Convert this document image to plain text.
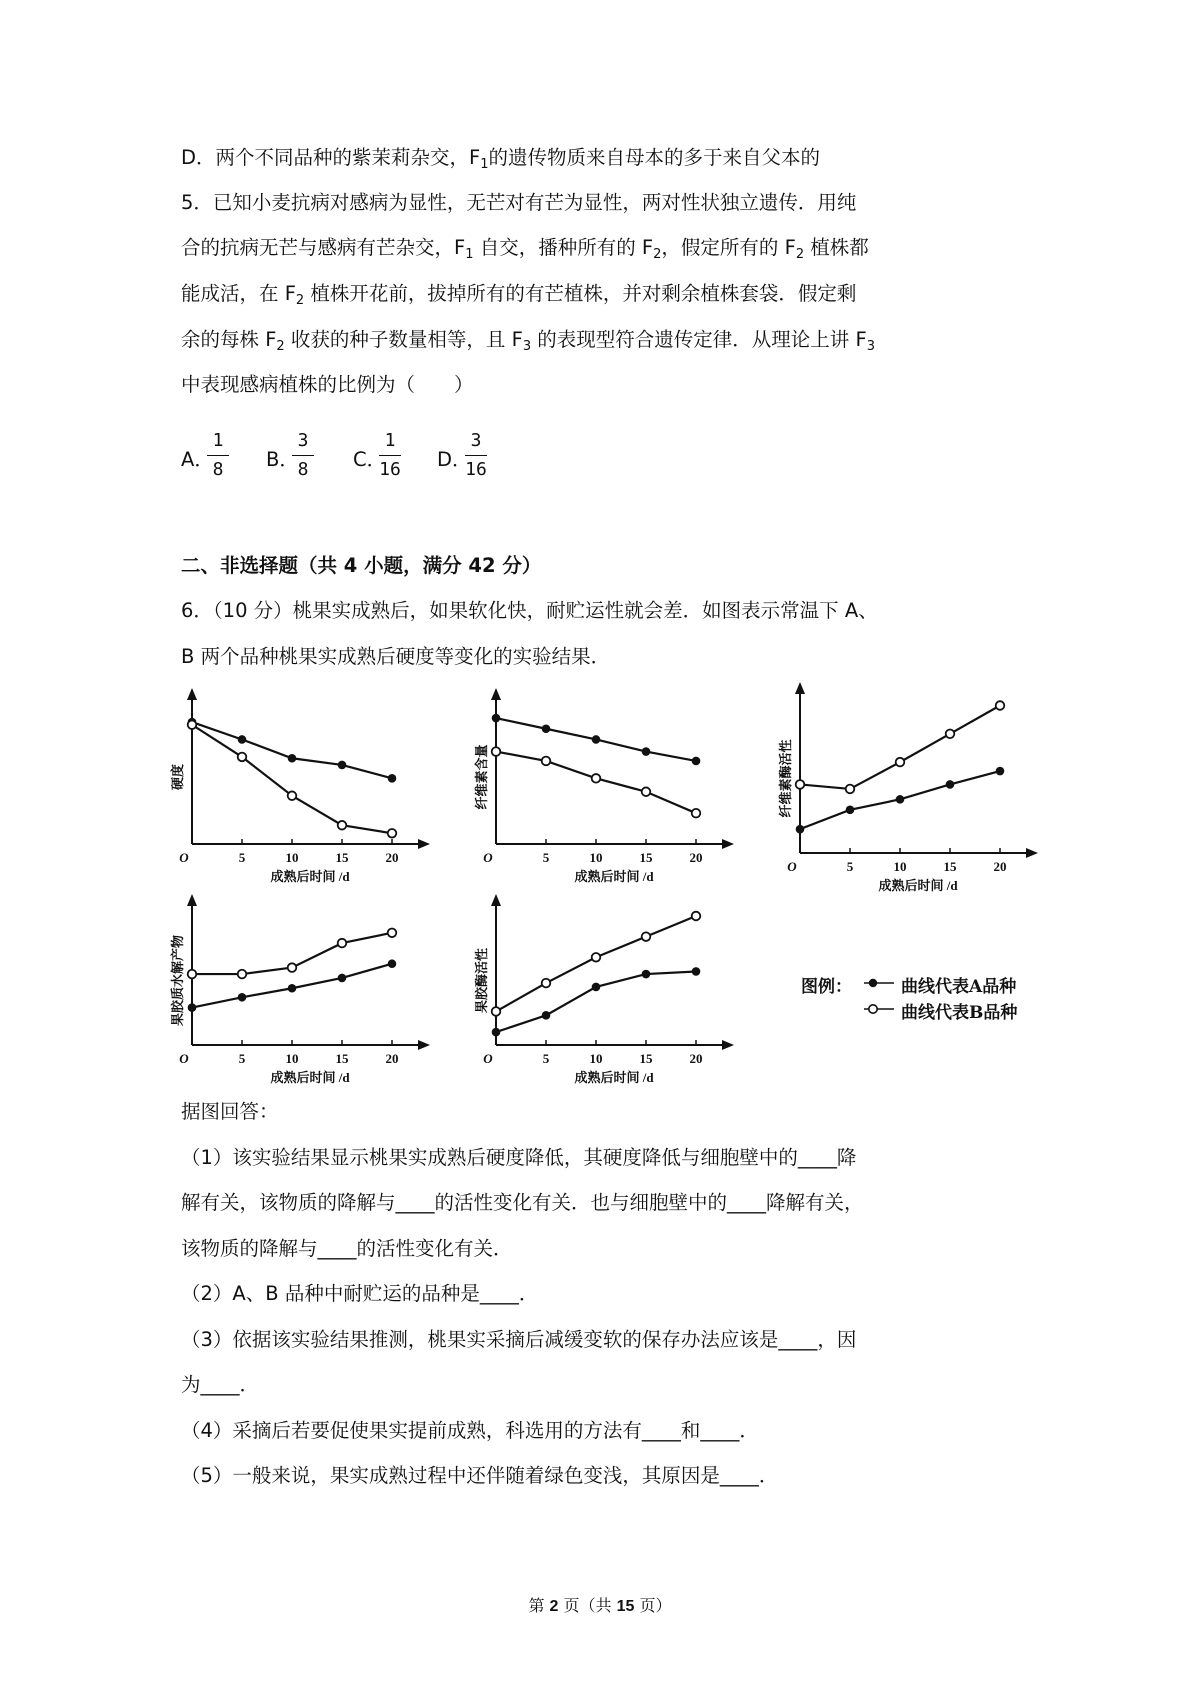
D．两个不同品种的紫茉莉杂交，$F_1$的遗传物质来自母本的多于来自父本的
5．已知小麦抗病对感病为显性，无芒对有芒为显性，两对性状独立遗传．用纯
合的抗病无芒与感病有芒杂交，$F_1$ 自交，播种所有的 $F_2$，假定所有的 $F_2$ 植株都
能成活，在 $F_2$ 植株开花前，拔掉所有的有芒植株，并对剩余植株套袋．假定剩
余的每株 $F_2$ 收获的种子数量相等，且 $F_3$ 的表现型符合遗传定律．从理论上讲 $F_3$
中表现感病植株的比例为（　　）
A．
1
8	B．
3
8	C．
1
16 D．
3
16
二、非选择题（共 4 小题，满分 42 分）
6．（10 分）桃果实成熟后，如果软化快，耐贮运性就会差．如图表示常温下 A、
B 两个品种桃果实成熟后硬度等变化的实验结果．
O	5	10	15	20
成熟后时间 /d
硬度
O	5	10	15	20
成熟后时间 /d
纤维素含量
O	5	10	15	20
成熟后时间 /d
纤维素酶活性
O	5	10	15	20
成熟后时间 /d
果胶质水解产物
O	5	10	15	20
成熟后时间 /d
果胶酶活性	图例：	曲线代表A品种
曲线代表B品种
据图回答：
（1）该实验结果显示桃果实成熟后硬度降低，其硬度降低与细胞壁中的____降
解有关，该物质的降解与____的活性变化有关．也与细胞壁中的____降解有关，
该物质的降解与____的活性变化有关．
（2）A、B 品种中耐贮运的品种是____．
（3）依据该实验结果推测，桃果实采摘后减缓变软的保存办法应该是____，因
为____．
（4）采摘后若要促使果实提前成熟，科选用的方法有____和____．
（5）一般来说，果实成熟过程中还伴随着绿色变浅，其原因是____．
第 2 页（共 15 页）
